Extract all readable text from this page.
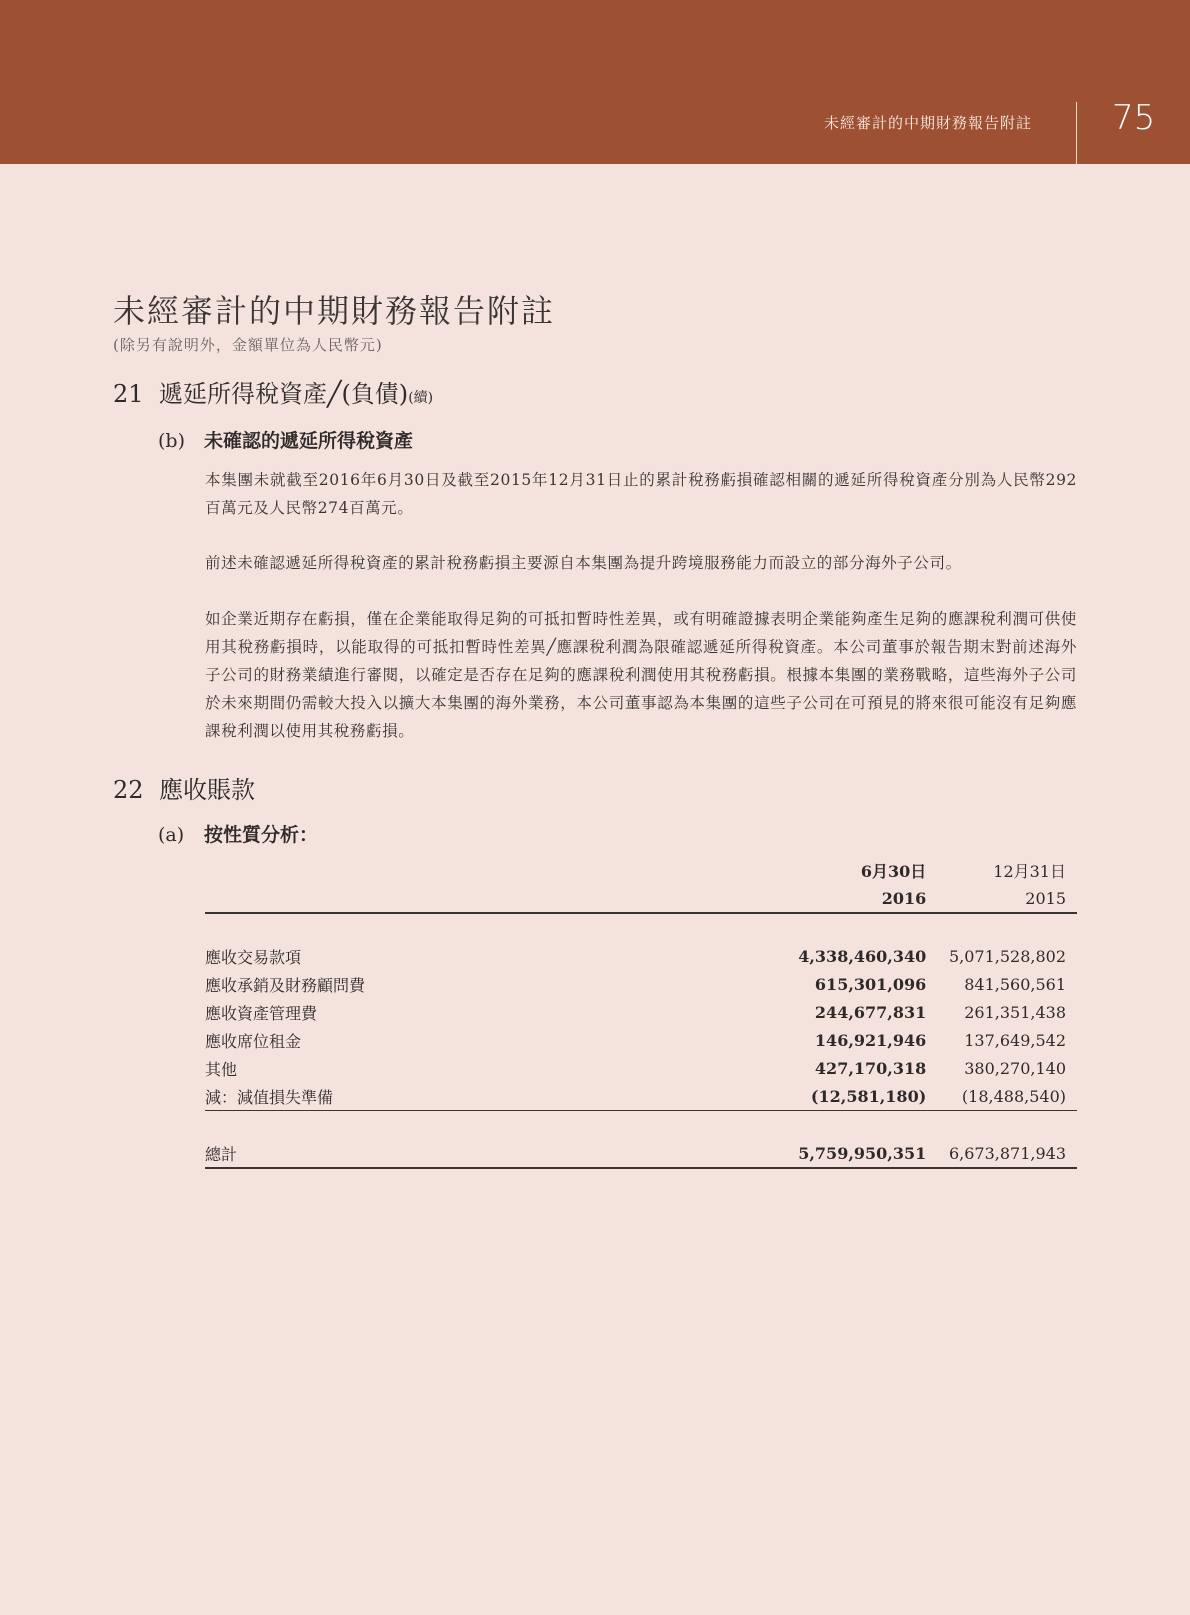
未經審計的中期財務報告附註 75
未經審計的中期財務報告附註
(除另有說明外，金額單位為人民幣元)
21 遞延所得稅資產╱(負債)(續)
(b) 未確認的遞延所得稅資產
本集團未就截至2016年6月30日及截至2015年12月31日止的累計稅務虧損確認相關的遞延所得稅資產分別為人民幣292百萬元及人民幣274百萬元。
前述未確認遞延所得稅資產的累計稅務虧損主要源自本集團為提升跨境服務能力而設立的部分海外子公司。
如企業近期存在虧損，僅在企業能取得足夠的可抵扣暫時性差異，或有明確證據表明企業能夠產生足夠的應課稅利潤可供使用其稅務虧損時，以能取得的可抵扣暫時性差異╱應課稅利潤為限確認遞延所得稅資產。本公司董事於報告期末對前述海外子公司的財務業績進行審閱，以確定是否存在足夠的應課稅利潤使用其稅務虧損。根據本集團的業務戰略，這些海外子公司於未來期間仍需較大投入以擴大本集團的海外業務，本公司董事認為本集團的這些子公司在可預見的將來很可能沒有足夠應課稅利潤以使用其稅務虧損。
22 應收賬款
(a) 按性質分析：
	6月30日	12月31日
	2016	2015

應收交易款項	4,338,460,340	5,071,528,802
應收承銷及財務顧問費	615,301,096	841,560,561
應收資產管理費	244,677,831	261,351,438
應收席位租金	146,921,946	137,649,542
其他	427,170,318	380,270,140
減：減值損失準備	(12,581,180)	(18,488,540)

總計	5,759,950,351	6,673,871,943
